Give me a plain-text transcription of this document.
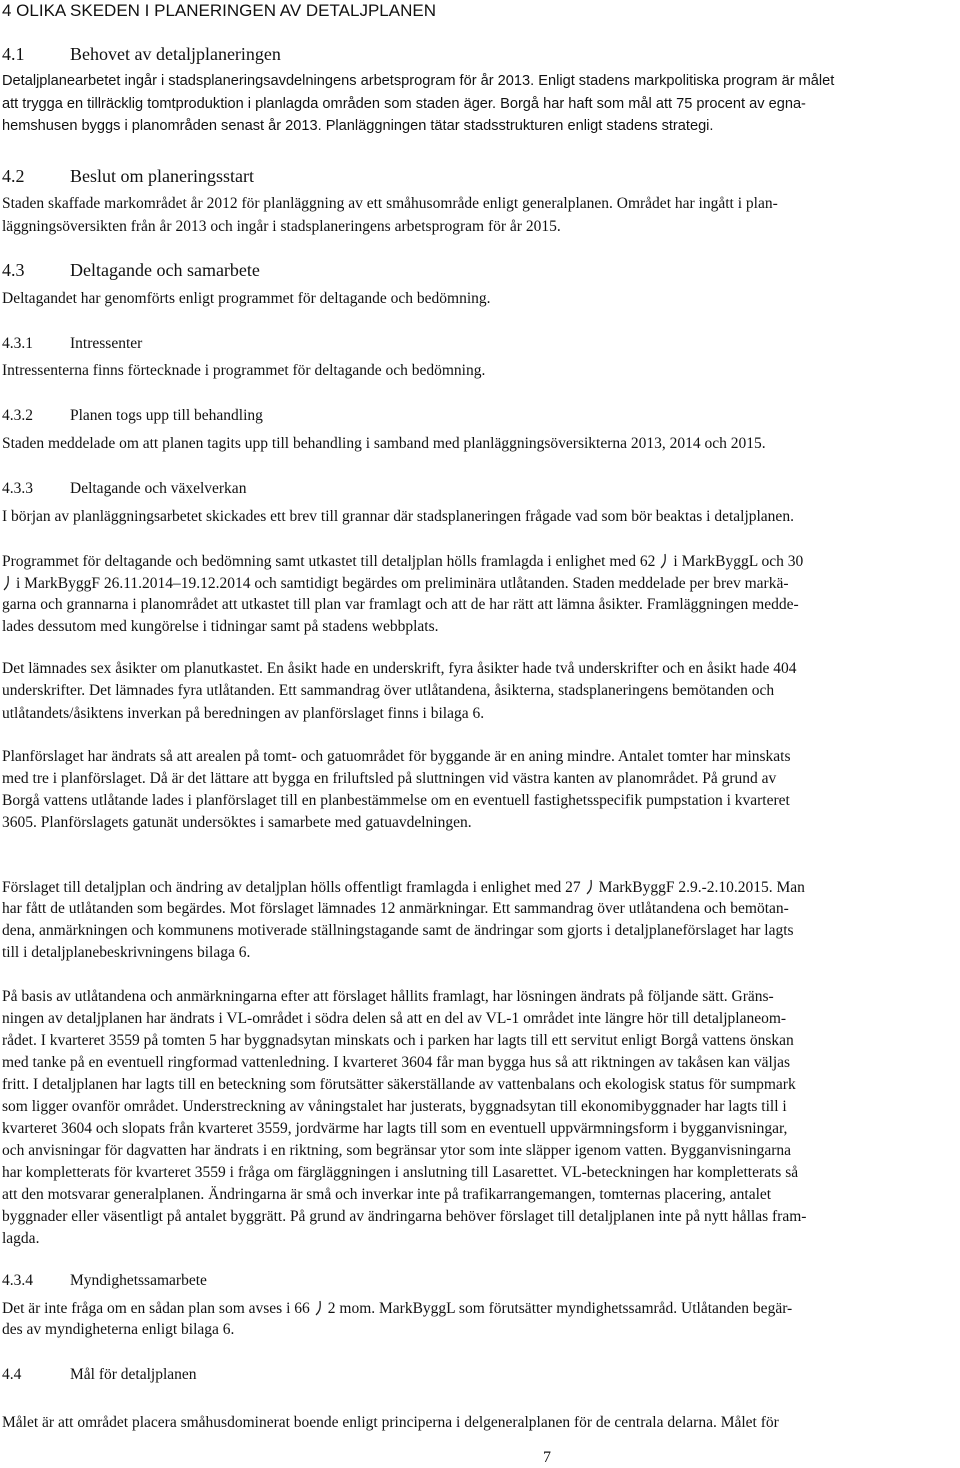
4 OLIKA SKEDEN I PLANERINGEN AV DETALJPLANEN
4.1	Behovet av detaljplaneringen
Detaljplanearbetet ingår i stadsplaneringsavdelningens arbetsprogram för år 2013. Enligt stadens markpolitiska program är målet
att trygga en tillräcklig tomtproduktion i planlagda områden som staden äger. Borgå har haft som mål att 75 procent av egna-
hemshusen byggs i planområden senast år 2013. Planläggningen tätar stadsstrukturen enligt stadens strategi.
4.2	Beslut om planeringsstart
Staden skaffade markområdet år 2012 för planläggning av ett småhusområde enligt generalplanen. Området har ingått i plan-
läggningsöversikten från år 2013 och ingår i stadsplaneringens arbetsprogram för år 2015.
4.3	Deltagande och samarbete
Deltagandet har genomförts enligt programmet för deltagande och bedömning.
4.3.1 Intressenter
Intressenterna finns förtecknade i programmet för deltagande och bedömning.
4.3.2 Planen togs upp till behandling
Staden meddelade om att planen tagits upp till behandling i samband med planläggningsöversikterna 2013, 2014 och 2015.
4.3.3 Deltagande och växelverkan
I början av planläggningsarbetet skickades ett brev till grannar där stadsplaneringen frågade vad som bör beaktas i detaljplanen.
Programmet för deltagande och bedömning samt utkastet till detaljplan hölls framlagda i enlighet med 62 i MarkByggL och 30
i MarkByggF 26.11.2014–19.12.2014 och samtidigt begärdes om preliminära utlåtanden. Staden meddelade per brev markä-
garna och grannarna i planområdet att utkastet till plan var framlagt och att de har rätt att lämna åsikter. Framläggningen medde-
lades dessutom med kungörelse i tidningar samt på stadens webbplats.
Det lämnades sex åsikter om planutkastet. En åsikt hade en underskrift, fyra åsikter hade två underskrifter och en åsikt hade 404
underskrifter. Det lämnades fyra utlåtanden. Ett sammandrag över utlåtandena, åsikterna, stadsplaneringens bemötanden och
utlåtandets/åsiktens inverkan på beredningen av planförslaget finns i bilaga 6.
Planförslaget har ändrats så att arealen på tomt- och gatuområdet för byggande är en aning mindre. Antalet tomter har minskats
med tre i planförslaget. Då är det lättare att bygga en friluftsled på sluttningen vid västra kanten av planområdet. På grund av
Borgå vattens utlåtande lades i planförslaget till en planbestämmelse om en eventuell fastighetsspecifik pumpstation i kvarteret
3605. Planförslagets gatunät undersöktes i samarbete med gatuavdelningen.
Förslaget till detaljplan och ändring av detaljplan hölls offentligt framlagda i enlighet med 27 MarkByggF 2.9.-2.10.2015. Man
har fått de utlåtanden som begärdes. Mot förslaget lämnades 12 anmärkningar. Ett sammandrag över utlåtandena och bemötan-
dena, anmärkningen och kommunens motiverade ställningstagande samt de ändringar som gjorts i detaljplaneförslaget har lagts
till i detaljplanebeskrivningens bilaga 6.
På basis av utlåtandena och anmärkningarna efter att förslaget hållits framlagt, har lösningen ändrats på följande sätt. Gräns-
ningen av detaljplanen har ändrats i VL-området i södra delen så att en del av VL-1 området inte längre hör till detaljplaneom-
rådet. I kvarteret 3559 på tomten 5 har byggnadsytan minskats och i parken har lagts till ett servitut enligt Borgå vattens önskan
med tanke på en eventuell ringformad vattenledning. I kvarteret 3604 får man bygga hus så att riktningen av takåsen kan väljas
fritt. I detaljplanen har lagts till en beteckning som förutsätter säkerställande av vattenbalans och ekologisk status för sumpmark
som ligger ovanför området. Understreckning av våningstalet har justerats, byggnadsytan till ekonomibyggnader har lagts till i
kvarteret 3604 och slopats från kvarteret 3559, jordvärme har lagts till som en eventuell uppvärmningsform i bygganvisningar,
och anvisningar för dagvatten har ändrats i en riktning, som begränsar ytor som inte släpper igenom vatten. Bygganvisningarna
har kompletterats för kvarteret 3559 i fråga om färgläggningen i anslutning till Lasarettet. VL-beteckningen har kompletterats så
att den motsvarar generalplanen. Ändringarna är små och inverkar inte på trafikarrangemangen, tomternas placering, antalet
byggnader eller väsentligt på antalet byggrätt. På grund av ändringarna behöver förslaget till detaljplanen inte på nytt hållas fram-
lagda.
4.3.4 Myndighetssamarbete
Det är inte fråga om en sådan plan som avses i 66 2 mom. MarkByggL som förutsätter myndighetssamråd. Utlåtanden begär-
des av myndigheterna enligt bilaga 6.
4.4	Mål för detaljplanen
Målet är att området placera småhusdominerat boende enligt principerna i delgeneralplanen för de centrala delarna. Målet för
7
